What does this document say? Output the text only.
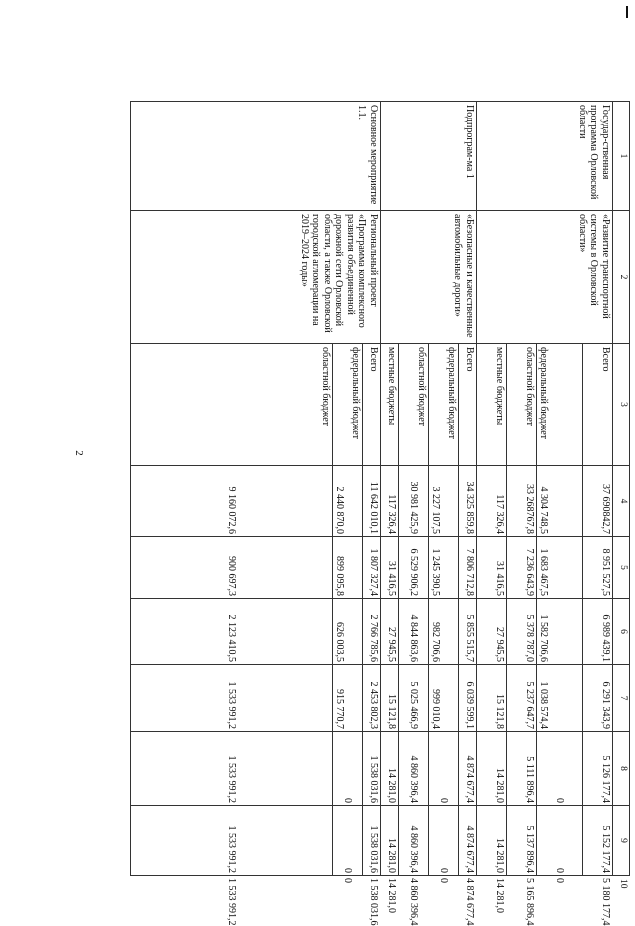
2
1	2	3	4	5	6	7	8	9	10
Государ-ственная программа Орловской области	«Развитие транспортной системы в Орловской области»	Всего	37 690842,7	8 951 527,5	6 989 439,1	6 291 343,9	5 126 177,4	5 152 177,4	5 180 177,4
		федеральный бюджет	4 304 748,5	1 683 467,5	1 582 706,6	1 038 574,4	0	0	0
		областной бюджет	33 268767,8	7 236 643,9	5 378 787,0	5 237 647,7	5 111 896,4	5 137 896,4	5 165 896,4
		местные бюджеты	117 326,4	31 416,5	27 945,5	15 121,8	14 281,0	14 281,0	14 281,0
Подпрограм-ма 1	«Безопасные и качественные автомобильные дороги»	Всего	34 325 859,8	7 806 712,8	5 855 515,7	6 039 599,1	4 874 677,4	4 874 677,4	4 874 677,4
		федеральный бюджет	3 227 107,5	1 245 390,5	982 706,6	999 010,4	0	0	0
		областной бюджет	30 981 425,9	6 529 906,2	4 844 863,6	5 025 466,9	4 860 396,4	4 860 396,4	4 860 396,4
		местные бюджеты	117 326,4	31 416,5	27 945,5	15 121,8	14 281,0	14 281,0	14 281,0
Основное мероприятие 1.1.	Региональный проект «Программа комплексного развития объединенной дорожной сети Орловской области, а также Орловской городской агломерации на 2019–2024 годы»	Всего	11 642 010,1	1 807 327,4	2 766 785,6	2 453 802,3	1 538 031,6	1 538 031,6	1 538 031,6
		федеральный бюджет	2 440 870,0	899 095,8	626 003,5	915 770,7	0	0	0
		областной бюджет	9 160 072,6	900 697,3	2 123 410,5	1 533 991,2	1 533 991,2	1 533 991,2	1 533 991,2
